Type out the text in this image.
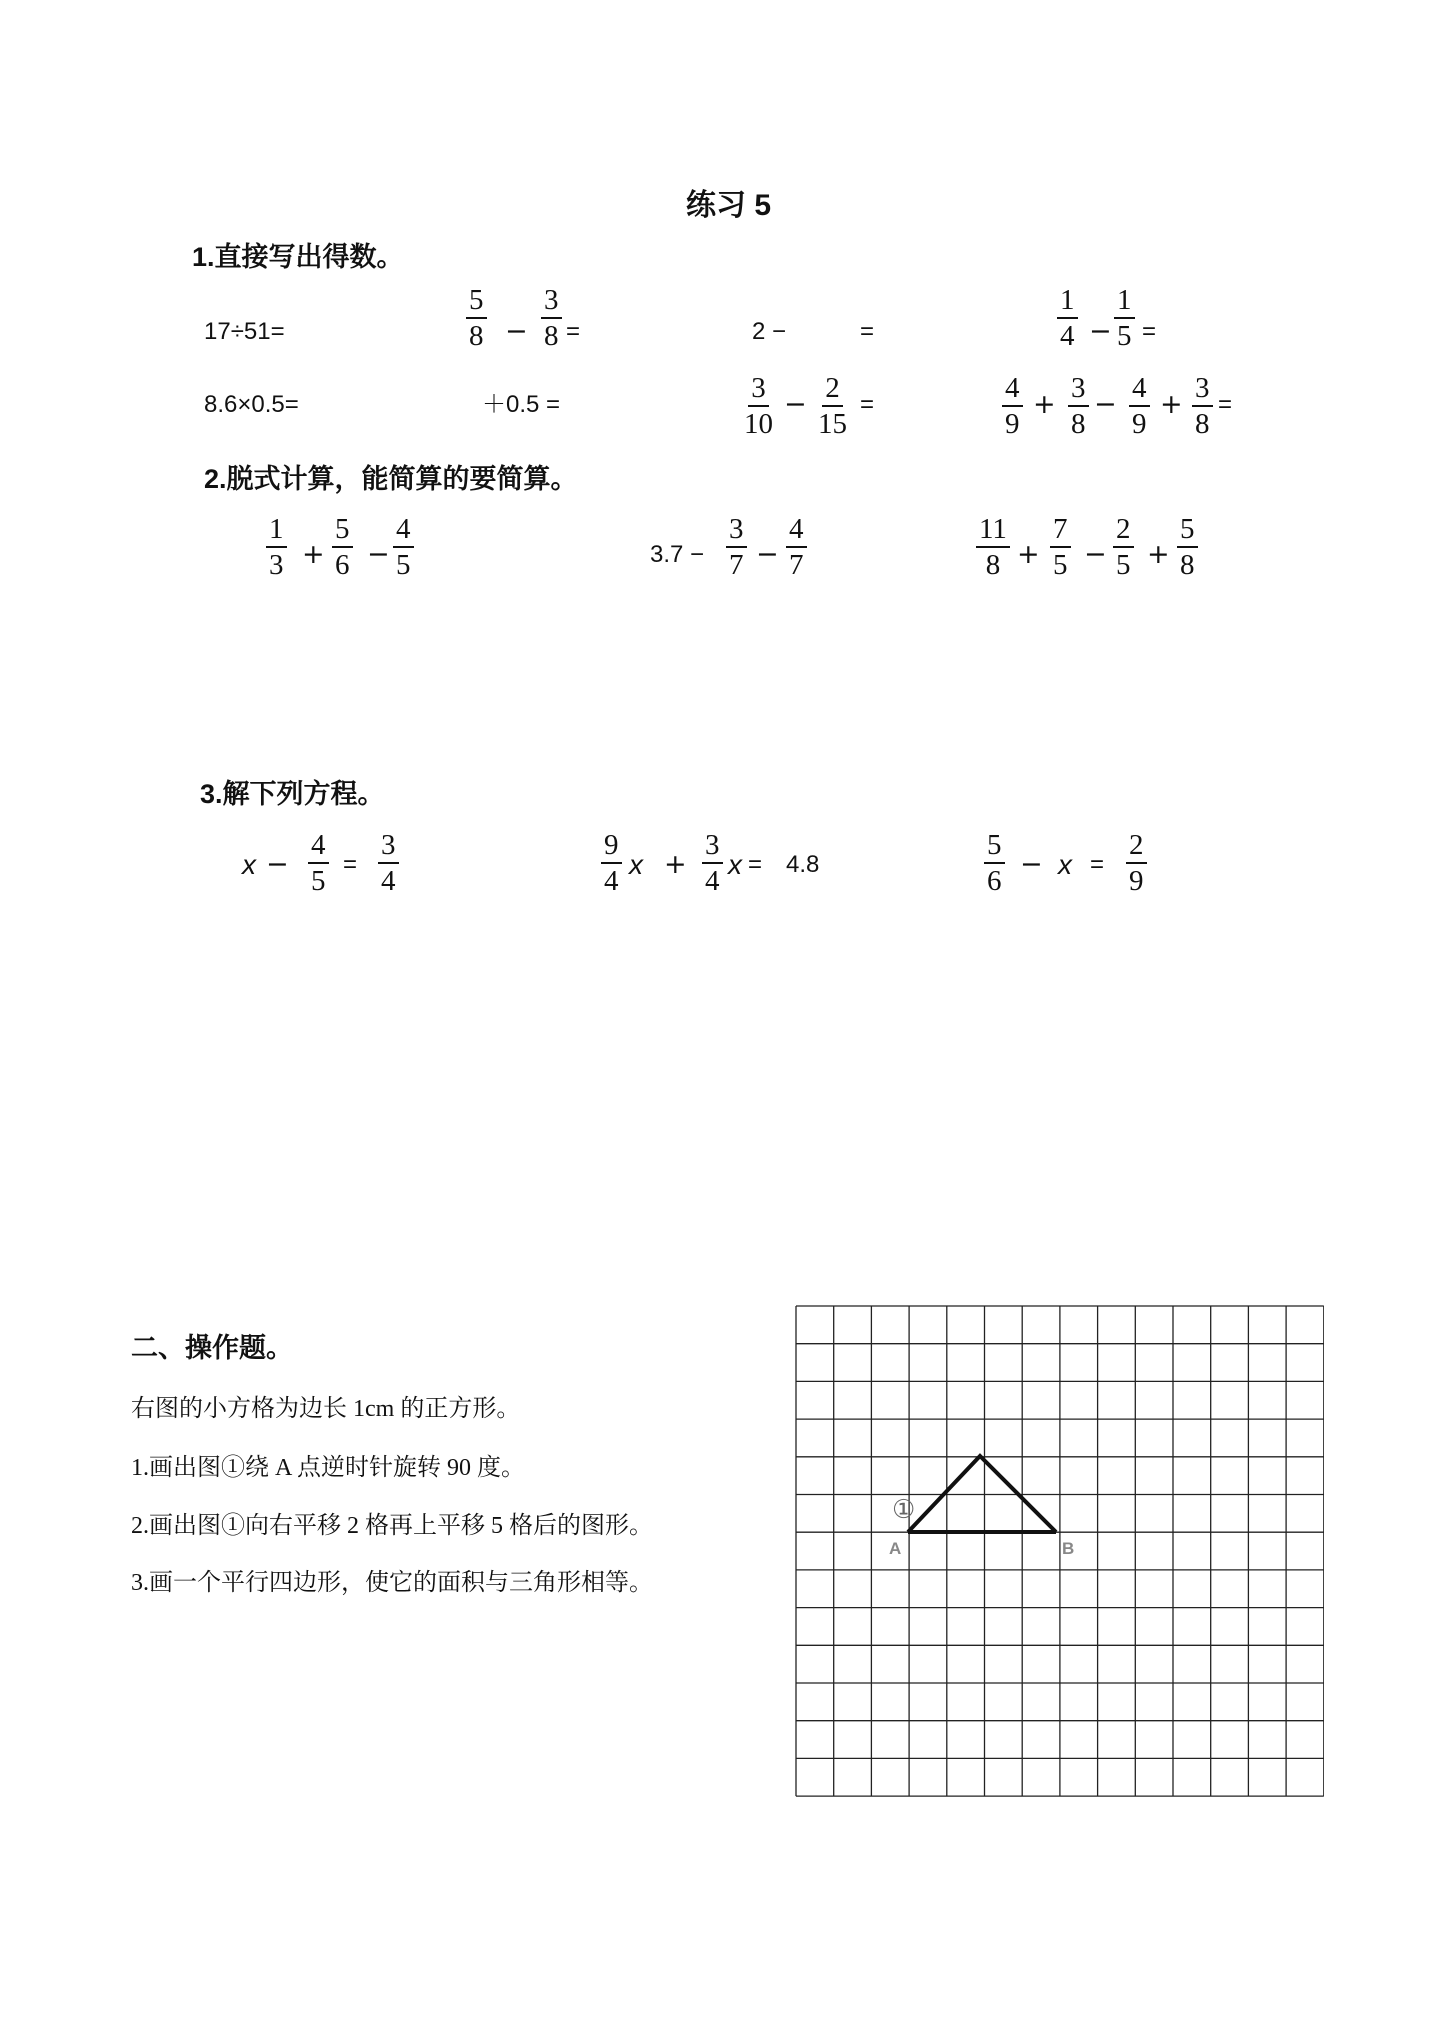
练习 5
1.直接写出得数。
17÷51=	$\frac{5}{8} - \frac{3}{8}$ =	2 −	=	$\frac{1}{4} - \frac{1}{5}$ =
8.6×0.5=	＋0.5 =	$\frac{3}{10} - \frac{2}{15}$ =	$\frac{4}{9} + \frac{3}{8} - \frac{4}{9} + \frac{3}{8}$ =
2.脱式计算，能简算的要简算。
$\frac{1}{3} + \frac{5}{6} - \frac{4}{5}$	$3.7 - \frac{3}{7} - \frac{4}{7}$	$\frac{11}{8} + \frac{7}{5} - \frac{2}{5} + \frac{5}{8}$
3.解下列方程。
$x - \frac{4}{5} = \frac{3}{4}$	$\frac{9}{4}$ $x + \frac{3}{4}$ x = 4.8	$\frac{5}{6} - x = \frac{2}{9}$
二、操作题。
右图的小方格为边长 1cm 的正方形。
1.画出图①绕 A 点逆时针旋转 90 度。
2.画出图①向右平移 2 格再上平移 5 格后的图形。
3.画一个平行四边形，使它的面积与三角形相等。
A	B
①
